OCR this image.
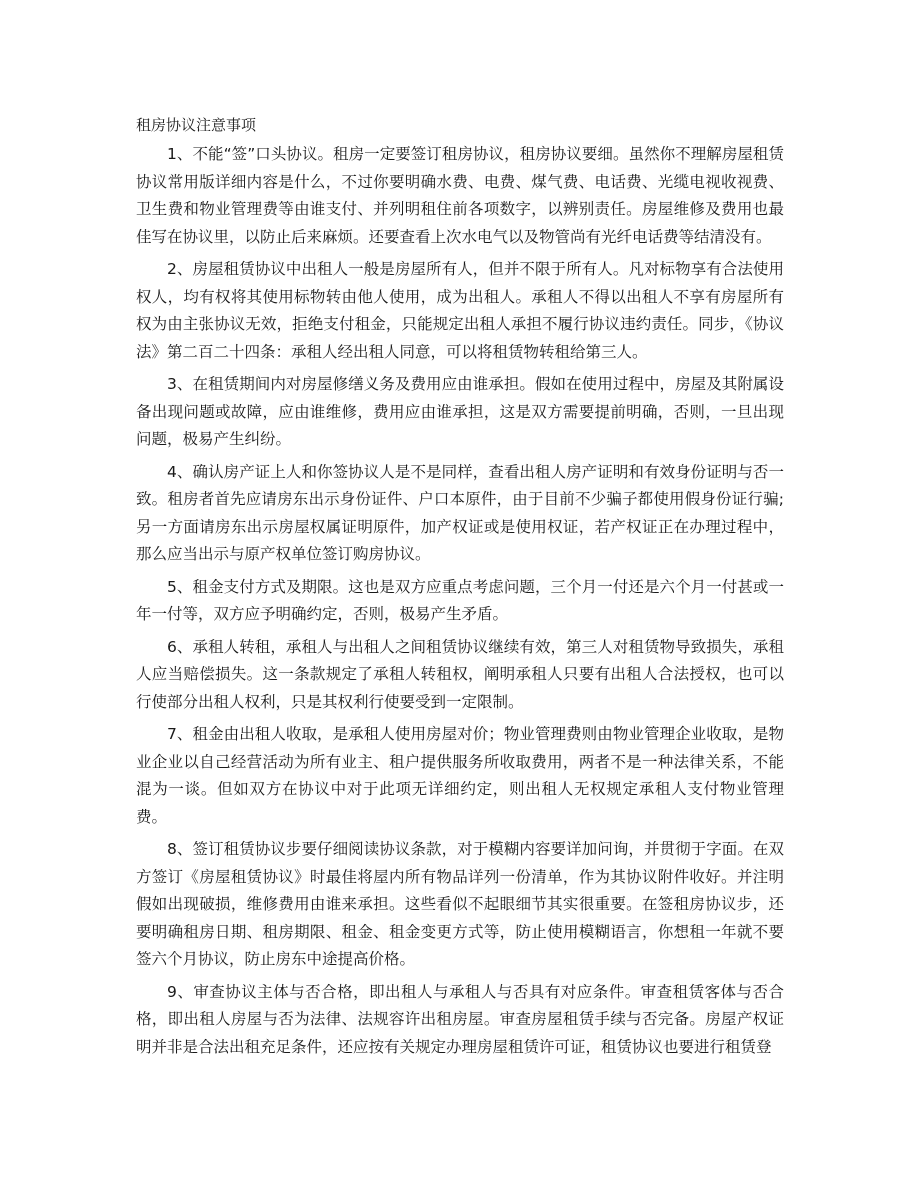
租房协议注意事项

1、不能“签”口头协议。租房一定要签订租房协议，租房协议要细。虽然你不理解房屋租赁协议常用版详细内容是什么，不过你要明确水费、电费、煤气费、电话费、光缆电视收视费、卫生费和物业管理费等由谁支付、并列明租住前各项数字，以辨别责任。房屋维修及费用也最佳写在协议里，以防止后来麻烦。还要查看上次水电气以及物管尚有光纤电话费等结清没有。

2、房屋租赁协议中出租人一般是房屋所有人，但并不限于所有人。凡对标物享有合法使用权人，均有权将其使用标物转由他人使用，成为出租人。承租人不得以出租人不享有房屋所有权为由主张协议无效，拒绝支付租金，只能规定出租人承担不履行协议违约责任。同步，《协议法》第二百二十四条：承租人经出租人同意，可以将租赁物转租给第三人。

3、在租赁期间内对房屋修缮义务及费用应由谁承担。假如在使用过程中，房屋及其附属设备出现问题或故障，应由谁维修，费用应由谁承担，这是双方需要提前明确，否则，一旦出现问题，极易产生纠纷。

4、确认房产证上人和你签协议人是不是同样，查看出租人房产证明和有效身份证明与否一致。租房者首先应请房东出示身份证件、户口本原件，由于目前不少骗子都使用假身份证行骗;另一方面请房东出示房屋权属证明原件，加产权证或是使用权证，若产权证正在办理过程中，那么应当出示与原产权单位签订购房协议。

5、租金支付方式及期限。这也是双方应重点考虑问题，三个月一付还是六个月一付甚或一年一付等，双方应予明确约定，否则，极易产生矛盾。

6、承租人转租，承租人与出租人之间租赁协议继续有效，第三人对租赁物导致损失，承租人应当赔偿损失。这一条款规定了承租人转租权，阐明承租人只要有出租人合法授权，也可以行使部分出租人权利，只是其权利行使要受到一定限制。

7、租金由出租人收取，是承租人使用房屋对价；物业管理费则由物业管理企业收取，是物业企业以自己经营活动为所有业主、租户提供服务所收取费用，两者不是一种法律关系，不能混为一谈。但如双方在协议中对于此项无详细约定，则出租人无权规定承租人支付物业管理费。

8、签订租赁协议步要仔细阅读协议条款，对于模糊内容要详加问询，并贯彻于字面。在双方签订《房屋租赁协议》时最佳将屋内所有物品详列一份清单，作为其协议附件收好。并注明假如出现破损，维修费用由谁来承担。这些看似不起眼细节其实很重要。在签租房协议步，还要明确租房日期、租房期限、租金、租金变更方式等，防止使用模糊语言，你想租一年就不要签六个月协议，防止房东中途提高价格。

9、审查协议主体与否合格，即出租人与承租人与否具有对应条件。审查租赁客体与否合格，即出租人房屋与否为法律、法规容许出租房屋。审查房屋租赁手续与否完备。房屋产权证明并非是合法出租充足条件，还应按有关规定办理房屋租赁许可证，租赁协议也要进行租赁登
